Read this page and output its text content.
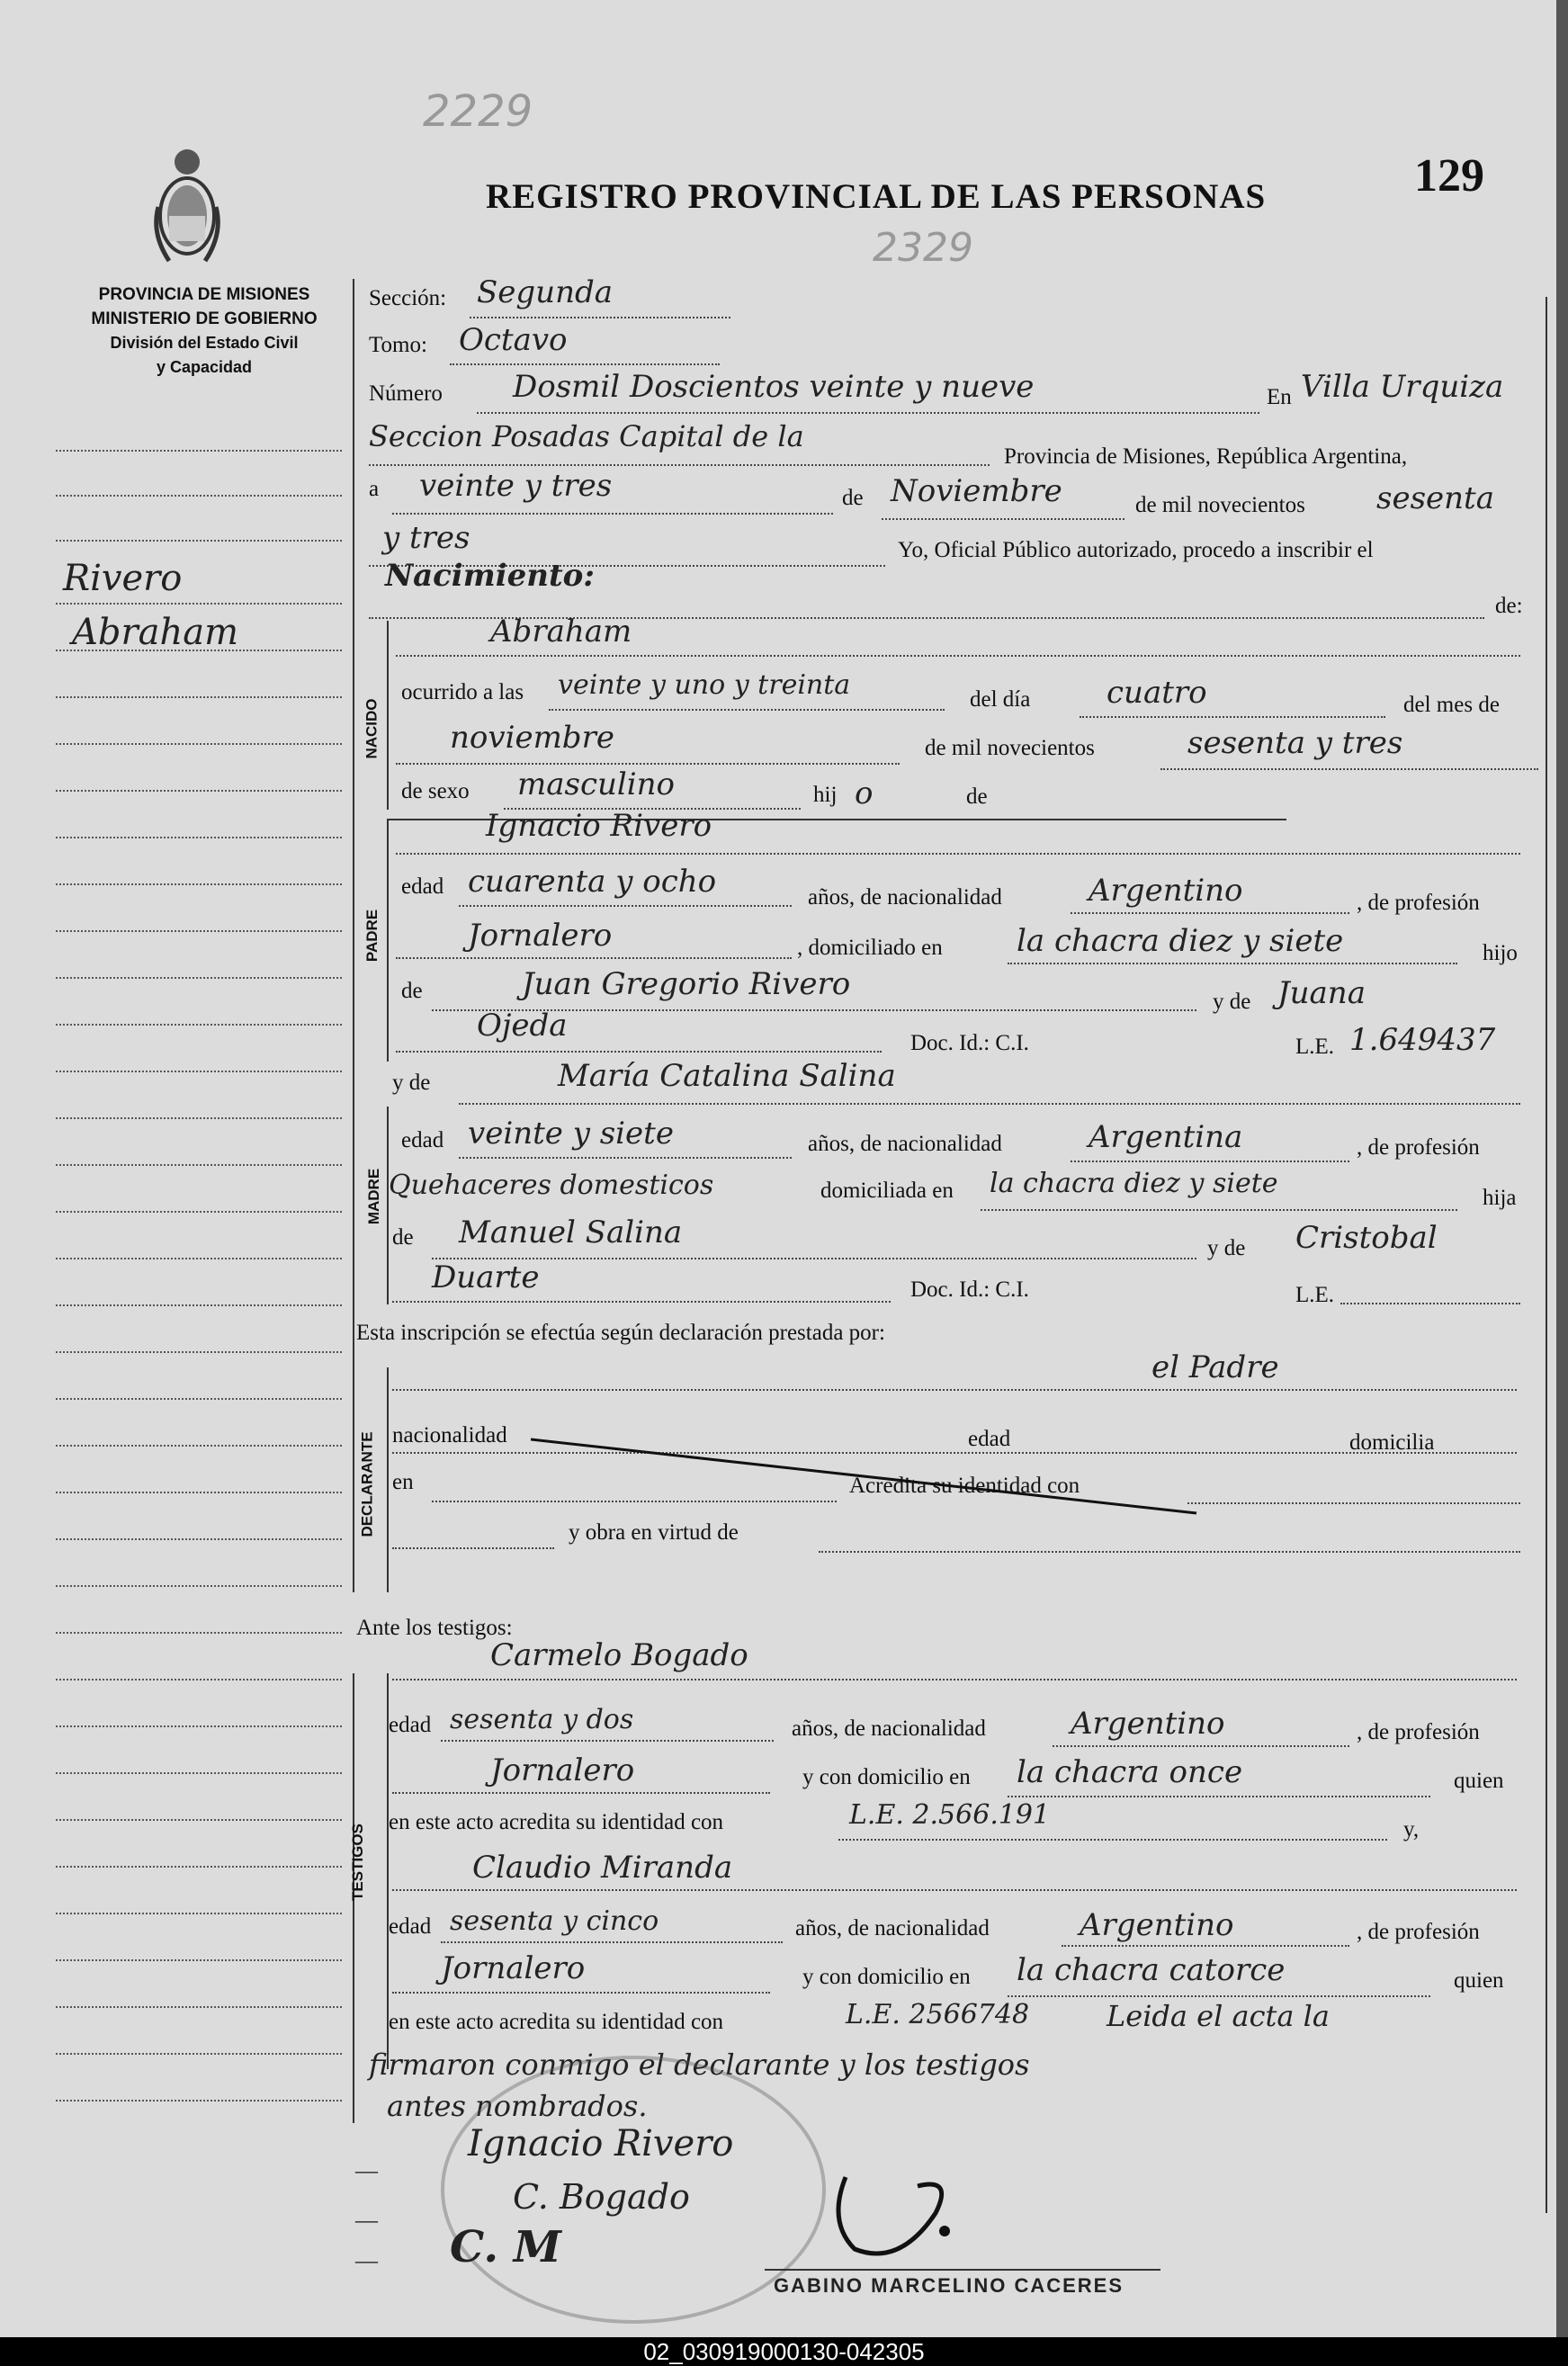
2229
2329
REGISTRO PROVINCIAL DE LAS PERSONAS	129
PROVINCIA DE MISIONES
MINISTERIO DE GOBIERNO
División del Estado Civil
y Capacidad
Rivero
Abraham
Sección: Segunda
Tomo: Octavo
Número Dosmil Doscientos veinte y nueve	En Villa Urquiza
Seccion Posadas Capital de la
Provincia de Misiones, República Argentina,
a veinte y tres	de Noviembre	de mil novecientos sesenta
y tres	Yo, Oficial Público autorizado, procedo a inscribir el
Nacimiento:
de:
NACIDO
Abraham
ocurrido a las veinte y uno y treinta	del día cuatro	del mes de
noviembre	de mil novecientos	sesenta y tres
de sexo masculino	hij o	de
PADRE
Ignacio Rivero
edad cuarenta y ocho	años, de nacionalidad	Argentino	, de profesión
Jornalero	, domiciliado en la chacra diez y siete	hijo
de	Juan Gregorio Rivero	y de Juana
Ojeda	Doc. Id.: C.I.	L.E. 1.649437
MADRE
y de	María Catalina Salina
edad veinte y siete	años, de nacionalidad	Argentina	, de profesión
Quehaceres domesticos	domiciliada en la chacra diez y siete	hija
de Manuel Salina	y de Cristobal
Duarte	Doc. Id.: C.I.	L.E.
Esta inscripción se efectúa según declaración prestada por:
el Padre
DECLARANTE nacionalidad	edad	domicilia
en	Acredita su identidad con
y obra en virtud de
Ante los testigos:
TESTIGOS
Carmelo Bogado
edad sesenta y dos	años, de nacionalidad	Argentino	, de profesión
Jornalero	y con domicilio en la chacra once	quien
en este acto acredita su identidad con	L.E. 2.566.191	y,
Claudio Miranda
edad sesenta y cinco	años, de nacionalidad	Argentino	, de profesión
Jornalero	y con domicilio en la chacra catorce	quien
en este acto acredita su identidad con	L.E. 2566748	Leida el acta la
firmaron conmigo el declarante y los testigos
antes nombrados.
Ignacio Rivero
C. Bogado
C. M
GABINO MARCELINO CACERES
—
—
—
02_030919000130-042305
